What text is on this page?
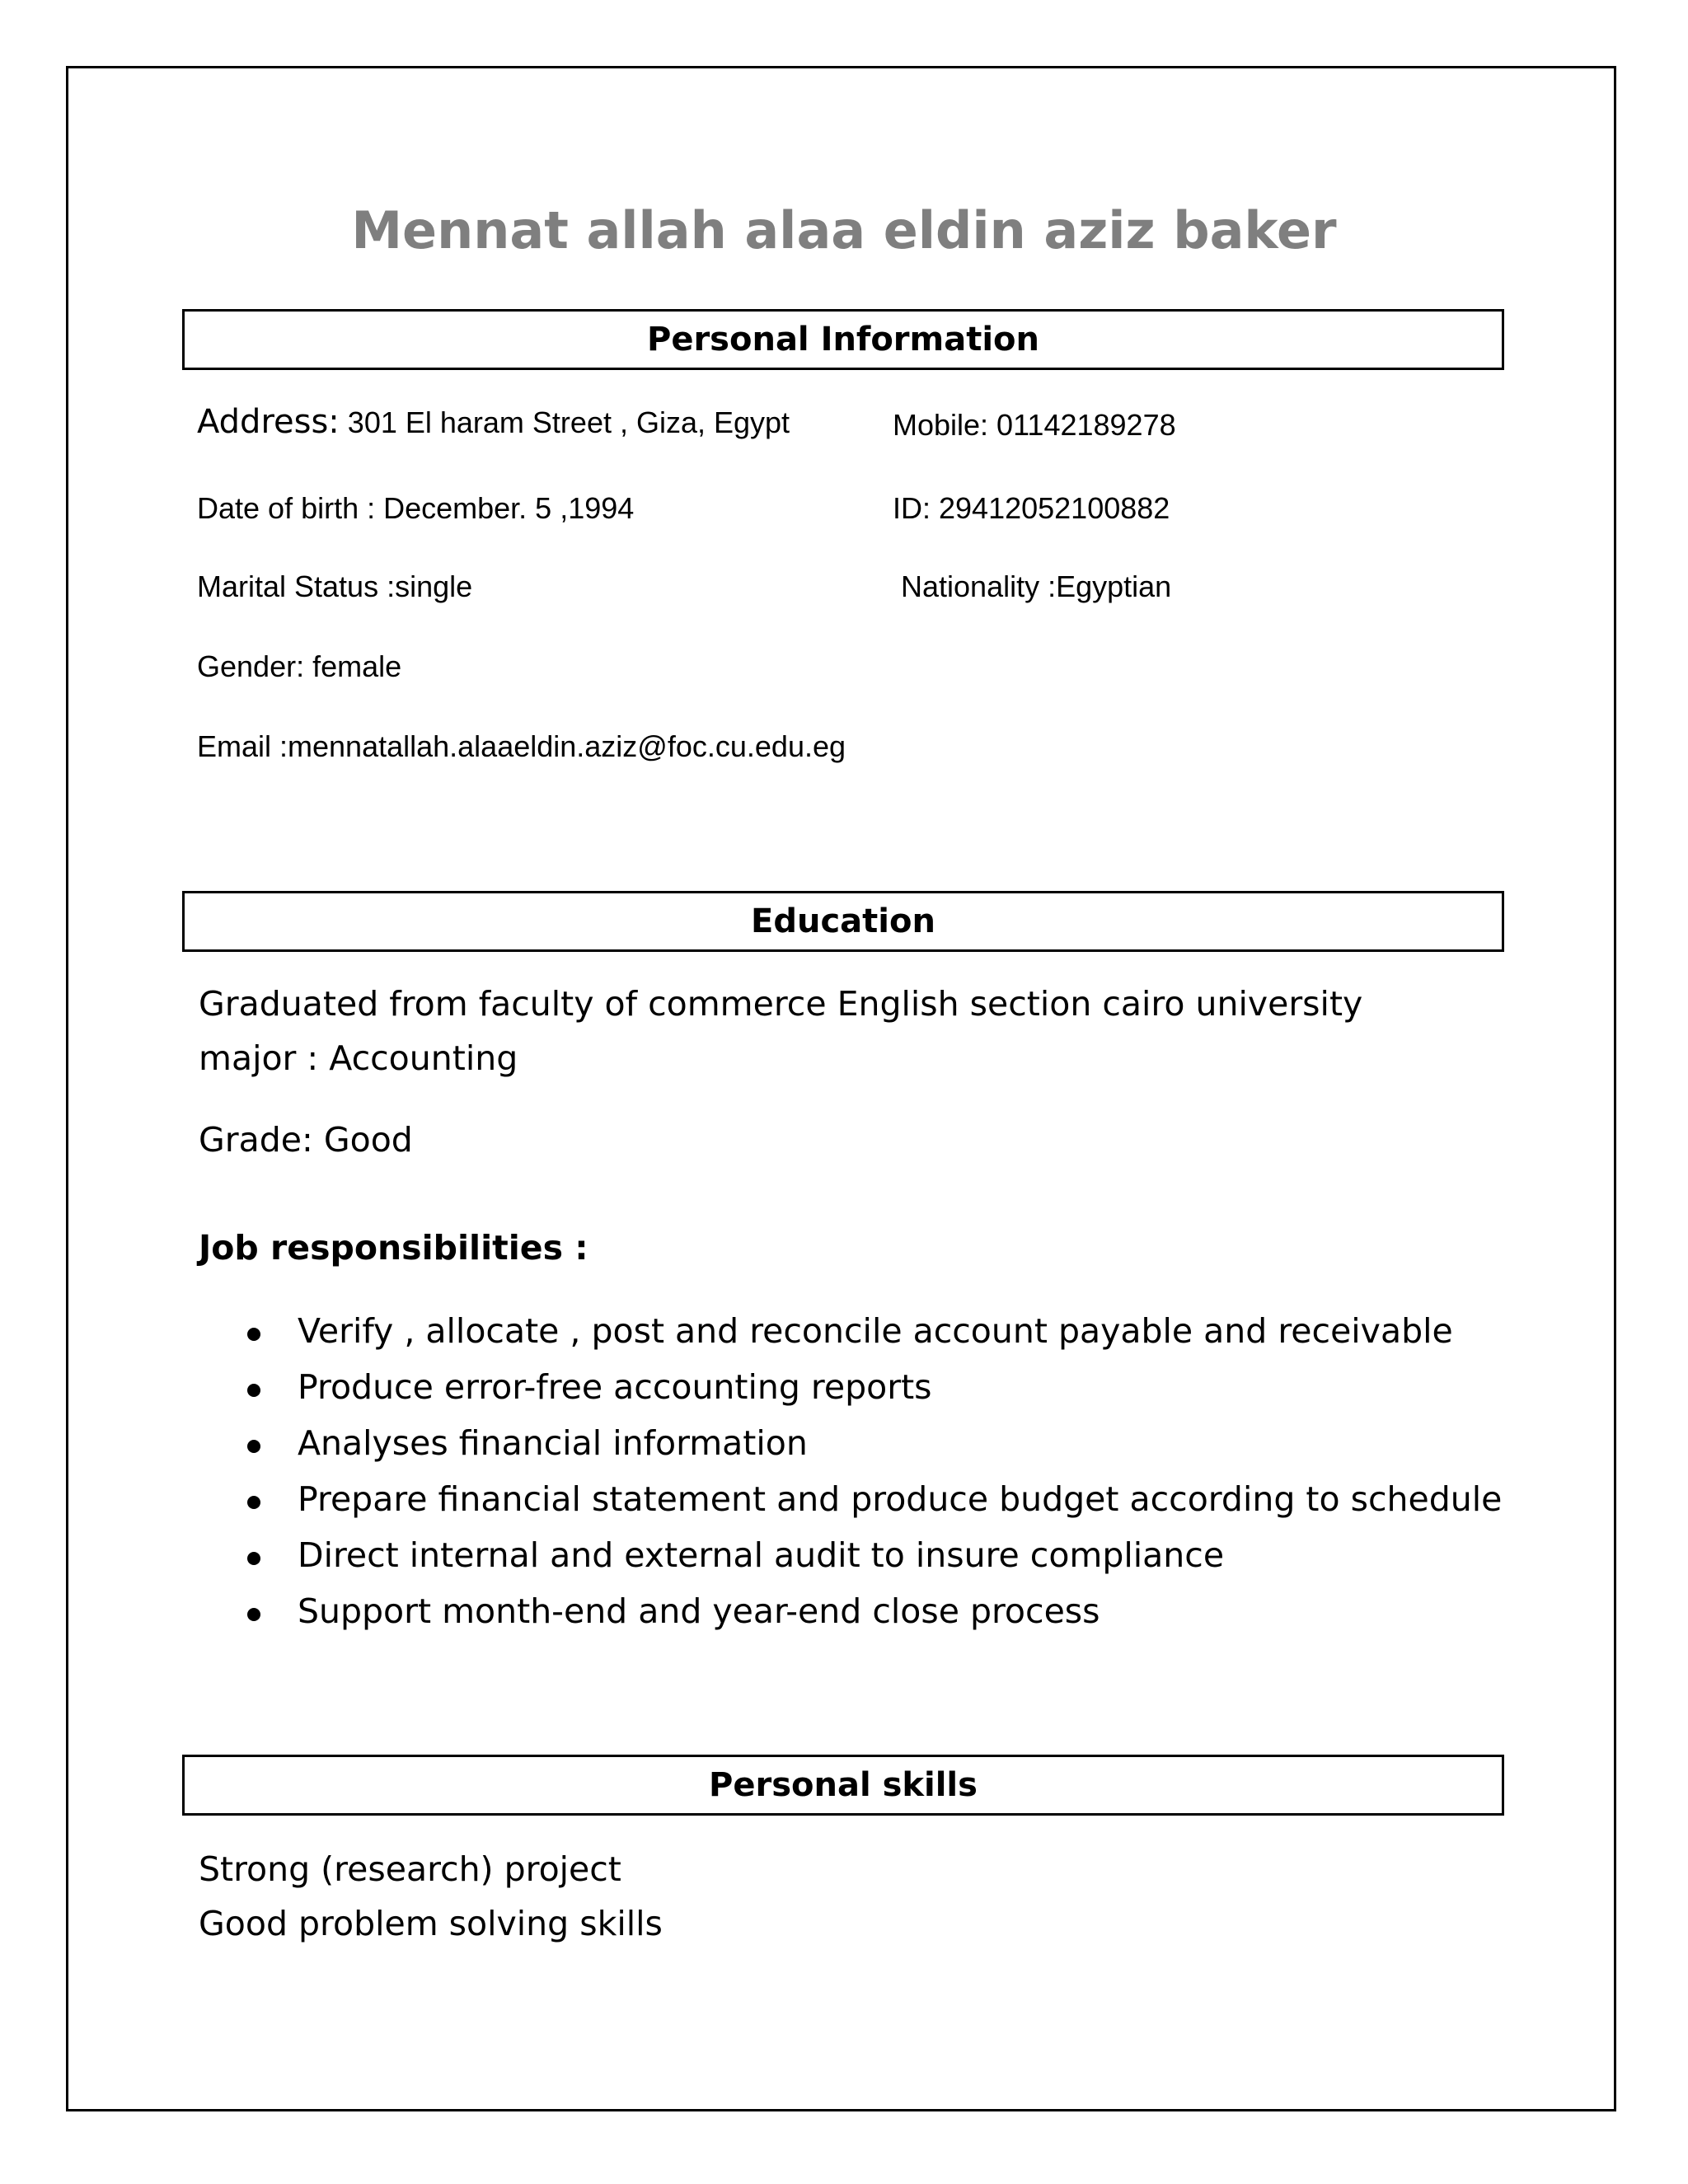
Mennat allah alaa eldin aziz baker
Personal Information
Address: 301 El haram Street , Giza, Egypt	Mobile: 01142189278
Date of birth : December. 5 ,1994	ID: 29412052100882
Marital Status :single	Nationality :Egyptian
Gender: female
Email :mennatallah.alaaeldin.aziz@foc.cu.edu.eg
Education
Graduated from faculty of commerce English section cairo university
major : Accounting
Grade: Good
Job responsibilities :
Verify , allocate , post and reconcile account payable and receivable
Produce error-free accounting reports
Analyses financial information
Prepare financial statement and produce budget according to schedule
Direct internal and external audit to insure compliance
Support month-end and year-end close process
Personal skills
Strong (research) project
Good problem solving skills
